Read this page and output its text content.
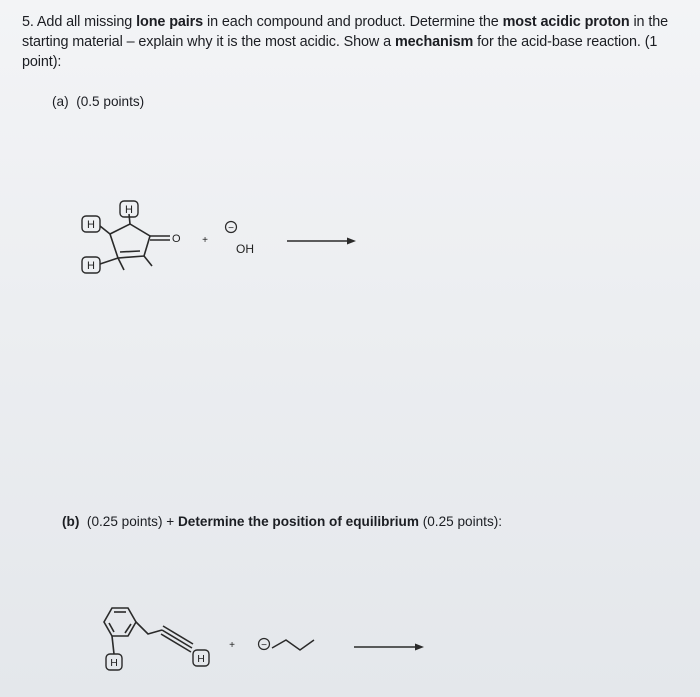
5. Add all missing lone pairs in each compound and product. Determine the most acidic proton in the starting material – explain why it is the most acidic. Show a mechanism for the acid-base reaction. (1 point):
(a) (0.5 points)
(b) (0.25 points) + Determine the position of equilibrium (0.25 points):
H
H
H
O +
−
OH
H	H
+	−
